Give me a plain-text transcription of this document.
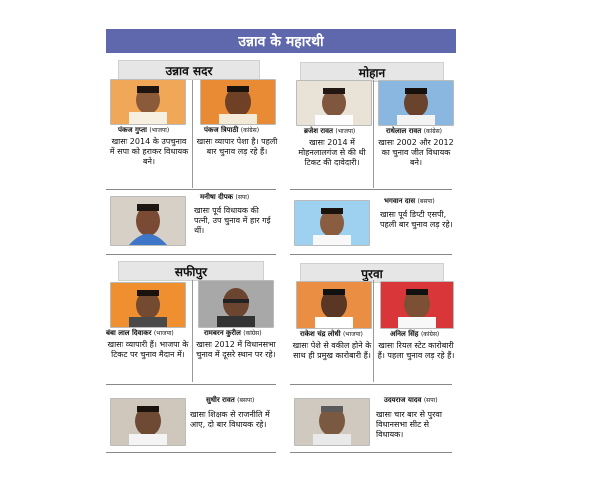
उन्नाव के महारथी
उन्नाव सदर	मोहान
सफीपुर	पुरवा
पंकज गुप्ता (भाजपा)
खासः 2014 के उपचुनाव में सपा को हराकर विधायक बने।
पंकज त्रिपाठी (कांग्रेस)
खासः व्यापार पेशा है। पहली बार चुनाव लड़ रहे हैं।
मनीषा दीपक (सपा)
खासः पूर्व विधायक की पत्नी, उप चुनाव में हार गई थीं।
ब्रजेश रावत (भाजपा)
खासः 2014 में मोहनलालगंज से की थी टिकट की दावेदारी।
राधेलाल रावत (कांग्रेस)
खासः 2002 और 2012 का चुनाव जीत विधायक बने।
भगवान दास (बसपा)
खासः पूर्व डिप्टी एसपी, पहली बार चुनाव लड़ रहे।
बंबा लाल दिवाकर (भाजपा)
खासः व्यापारी हैं। भाजपा के टिकट पर चुनाव मैदान में।
रामबरन कुरील (कांग्रेस)
खासः 2012 में विधानसभा चुनाव में दूसरे स्थान पर रहे।
सुधीर रावत (बसपा)
खासः शिक्षक से राजनीति में आए, दो बार विधायक रहे।
राकेश चंद्र लोधी (भाजपा)
खासः पेशे से वकील होने के साथ ही प्रमुख कारोबारी हैं।
अनिल सिंह (कांग्रेस)
खासः रियल स्टेट कारोबारी हैं। पहला चुनाव लड़ रहे हैं।
उदयराज यादव (सपा)
खासः चार बार से पुरवा विधानसभा सीट से विधायक।
